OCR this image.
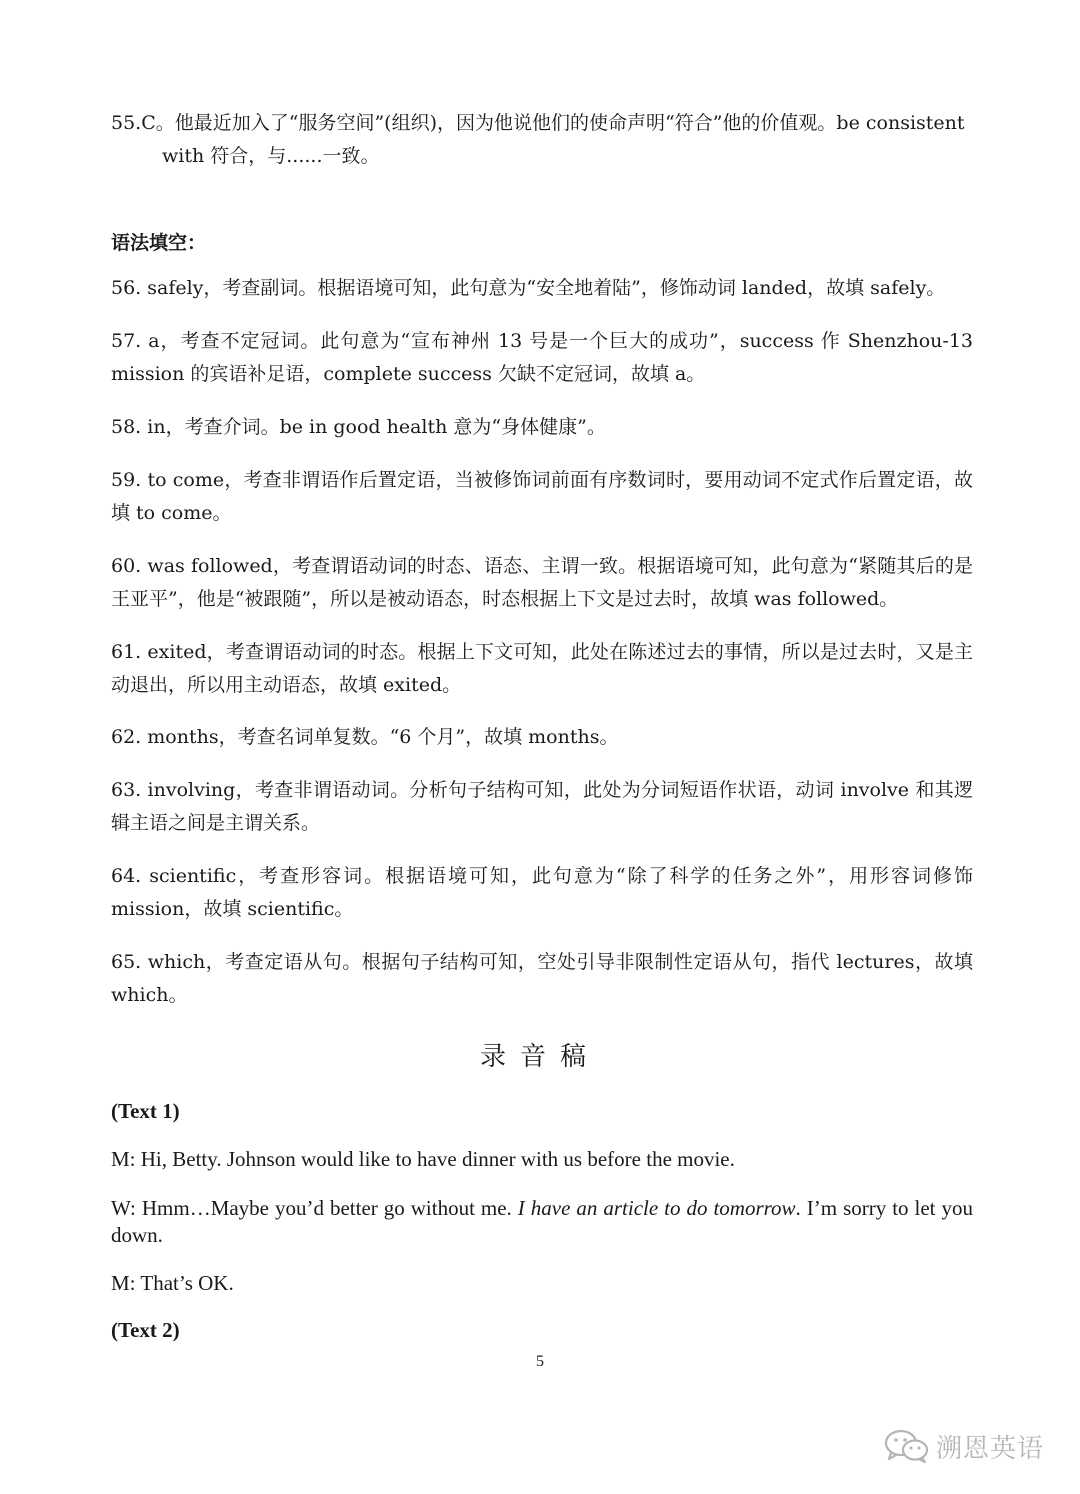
55.C。他最近加入了“服务空间”(组织)，因为他说他们的使命声明“符合”他的价值观。be consistent
with 符合，与......一致。

语法填空：

56. safely，考查副词。根据语境可知，此句意为“安全地着陆”，修饰动词 landed，故填 safely。

57. a，考查不定冠词。此句意为“宣布神州 13 号是一个巨大的成功”，success 作 Shenzhou-13 mission 的宾语补足语，complete success 欠缺不定冠词，故填 a。

58. in，考查介词。be in good health 意为“身体健康”。

59. to come，考查非谓语作后置定语，当被修饰词前面有序数词时，要用动词不定式作后置定语，故填 to come。

60. was followed，考查谓语动词的时态、语态、主谓一致。根据语境可知，此句意为“紧随其后的是王亚平”，他是“被跟随”，所以是被动语态，时态根据上下文是过去时，故填 was followed。

61. exited，考查谓语动词的时态。根据上下文可知，此处在陈述过去的事情，所以是过去时，又是主动退出，所以用主动语态，故填 exited。

62. months，考查名词单复数。“6 个月”，故填 months。

63. involving，考查非谓语动词。分析句子结构可知，此处为分词短语作状语，动词 involve 和其逻辑主语之间是主谓关系。

64. scientific，考查形容词。根据语境可知，此句意为“除了科学的任务之外”，用形容词修饰 mission，故填 scientific。

65. which，考查定语从句。根据句子结构可知，空处引导非限制性定语从句，指代 lectures，故填 which。

录音稿

(Text 1)

M: Hi, Betty. Johnson would like to have dinner with us before the movie.

W: Hmm…Maybe you’d better go without me. I have an article to do tomorrow. I’m sorry to let you down.

M: That’s OK.

(Text 2)

5
溯恩英语
